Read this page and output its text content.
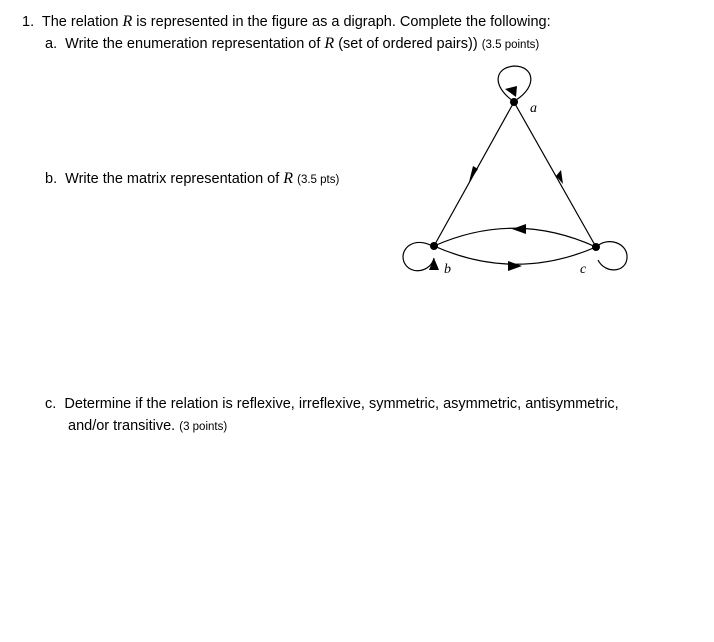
1. The relation R is represented in the figure as a digraph. Complete the following:
a. Write the enumeration representation of R (set of ordered pairs)) (3.5 points)
b. Write the matrix representation of R (3.5 pts)
c. Determine if the relation is reflexive, irreflexive, symmetric, asymmetric, antisymmetric,
and/or transitive. (3 points)
a
b	c
